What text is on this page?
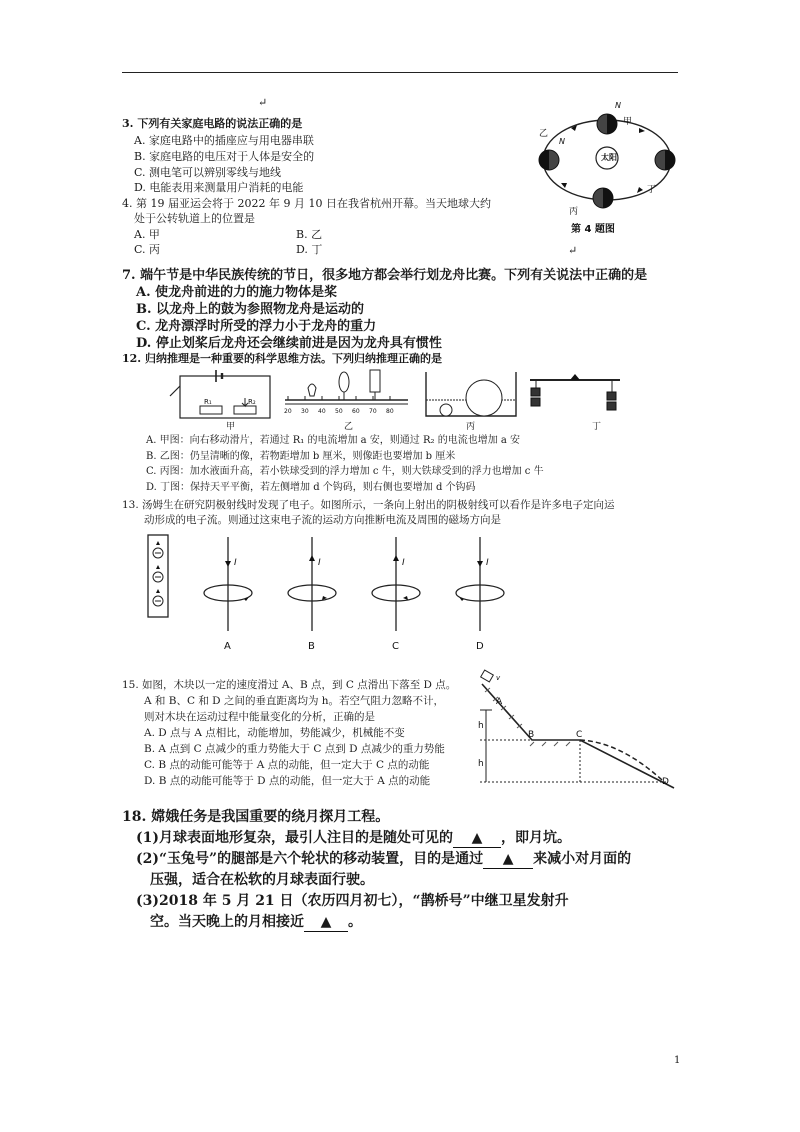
↵
3. 下列有关家庭电路的说法正确的是
A. 家庭电路中的插座应与用电器串联
B. 家庭电路的电压对于人体是安全的
C. 测电笔可以辨别零线与地线
D. 电能表用来测量用户消耗的电能
4. 第 19 届亚运会将于 2022 年 9 月 10 日在我省杭州开幕。当天地球大约
处于公转轨道上的位置是
A. 甲	B. 乙
C. 丙	D. 丁
太阳
甲
N
乙
N
丙
丁
第 4 题图
↵
7. 端午节是中华民族传统的节日，很多地方都会举行划龙舟比赛。下列有关说法中正确的是
A. 使龙舟前进的力的施力物体是桨
B. 以龙舟上的鼓为参照物龙舟是运动的
C. 龙舟漂浮时所受的浮力小于龙舟的重力
D. 停止划桨后龙舟还会继续前进是因为龙舟具有惯性
12. 归纳推理是一种重要的科学思维方法。下列归纳推理正确的是
R₁	R₂
甲
20 30 40 50 60 70 80
乙	丙	丁
A. 甲图：向右移动滑片，若通过 R₁ 的电流增加 a 安，则通过 R₂ 的电流也增加 a 安
B. 乙图：仍呈清晰的像，若物距增加 b 厘米，则像距也要增加 b 厘米
C. 丙图：加水液面升高，若小铁球受到的浮力增加 c 牛，则大铁球受到的浮力也增加 c 牛
D. 丁图：保持天平平衡，若左侧增加 d 个钩码，则右侧也要增加 d 个钩码
13. 汤姆生在研究阴极射线时发现了电子。如图所示，一条向上射出的阴极射线可以看作是许多电子定向运
动形成的电子流。则通过这束电子流的运动方向推断电流及周围的磁场方向是
I
A
I
B
I
C
I
D
15. 如图，木块以一定的速度滑过 A、B 点，到 C 点滑出下落至 D 点。
A 和 B、C 和 D 之间的垂直距离均为 h。若空气阻力忽略不计，
则对木块在运动过程中能量变化的分析，正确的是
A. D 点与 A 点相比，动能增加，势能减少，机械能不变
B. A 点到 C 点减少的重力势能大于 C 点到 D 点减少的重力势能
C. B 点的动能可能等于 A 点的动能，但一定大于 C 点的动能
D. B 点的动能可能等于 D 点的动能，但一定大于 A 点的动能
v
A
B	C
D
h
h
18. 嫦娥任务是我国重要的绕月探月工程。
(1)月球表面地形复杂，最引人注目的是随处可见的 ▲ ，即月坑。
(2)“玉兔号”的腿部是六个轮状的移动装置，目的是通过 ▲ 来减小对月面的
压强，适合在松软的月球表面行驶。
(3)2018 年 5 月 21 日（农历四月初七），“鹊桥号”中继卫星发射升
空。当天晚上的月相接近 ▲ 。
1
